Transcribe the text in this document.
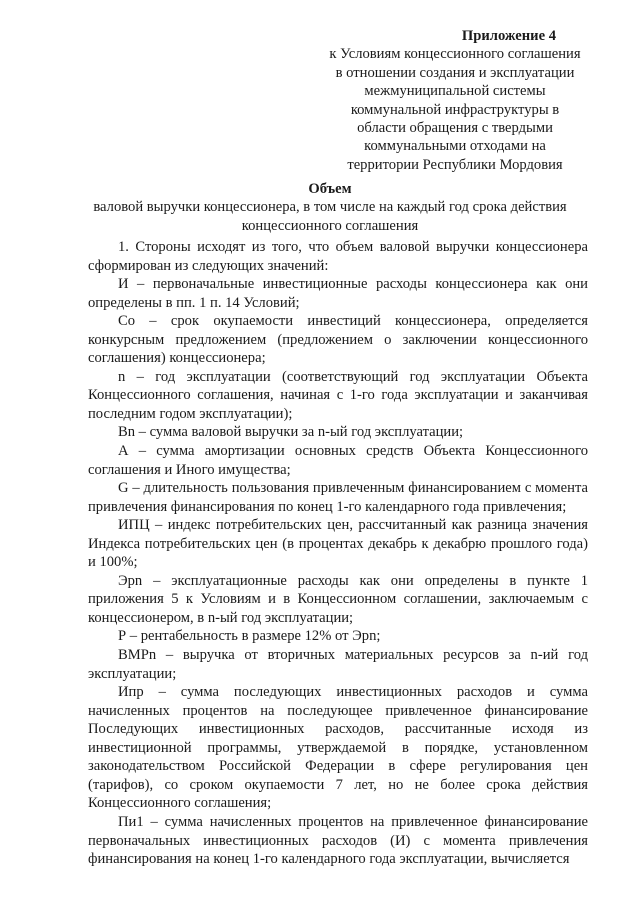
Приложение 4
к Условиям концессионного соглашения
в отношении создания и эксплуатации
межмуниципальной системы
коммунальной инфраструктуры в
области обращения с твердыми
коммунальными отходами на
территории Республики Мордовия
Объем
валовой выручки концессионера, в том числе на каждый год срока действия
концессионного соглашения

1. Стороны исходят из того, что объем валовой выручки концессионера сформирован из следующих значений:

И – первоначальные инвестиционные расходы концессионера как они определены в пп. 1 п. 14 Условий;

Со – срок окупаемости инвестиций концессионера, определяется конкурсным предложением (предложением о заключении концессионного соглашения) концессионера;

n – год эксплуатации (соответствующий год эксплуатации Объекта Концессионного соглашения, начиная с 1-го года эксплуатации и заканчивая последним годом эксплуатации);

Вn – сумма валовой выручки за n-ый год эксплуатации;

А – сумма амортизации основных средств Объекта Концессионного соглашения и Иного имущества;

G – длительность пользования привлеченным финансированием с момента привлечения финансирования по конец 1-го календарного года привлечения;

ИПЦ – индекс потребительских цен, рассчитанный как разница значения Индекса потребительских цен (в процентах декабрь к декабрю прошлого года) и 100%;

Эрn – эксплуатационные расходы как они определены в пункте 1 приложения 5 к Условиям и в Концессионном соглашении, заключаемым с концессионером, в n-ый год эксплуатации;

Р – рентабельность в размере 12% от Эрn;

ВМРn – выручка от вторичных материальных ресурсов за n-ий год эксплуатации;

Ипр – сумма последующих инвестиционных расходов и сумма начисленных процентов на последующее привлеченное финансирование Последующих инвестиционных расходов, рассчитанные исходя из инвестиционной программы, утверждаемой в порядке, установленном законодательством Российской Федерации в сфере регулирования цен (тарифов), со сроком окупаемости 7 лет, но не более срока действия Концессионного соглашения;

Пи1 – сумма начисленных процентов на привлеченное финансирование первоначальных инвестиционных расходов (И) с момента привлечения финансирования на конец 1-го календарного года эксплуатации, вычисляется
